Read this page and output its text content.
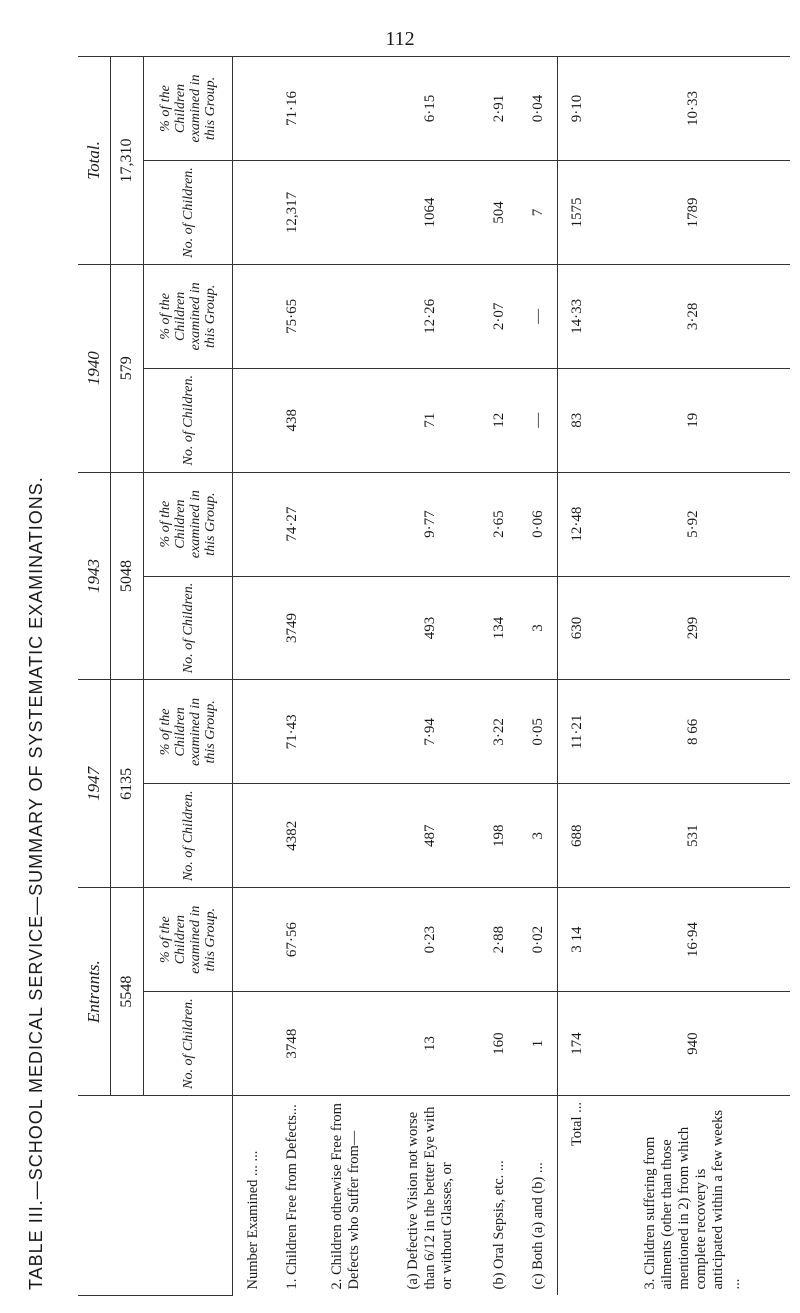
112
TABLE III.—SCHOOL MEDICAL SERVICE—SUMMARY OF SYSTEMATIC EXAMINATIONS.
		Entrants.		1947		1943		1940		Total.	
	5548		6135		5048		579		17,310	
	No. of Children.	% of the Children examined in this Group.	No. of Children.	% of the Children examined in this Group.	No. of Children.	% of the Children examined in this Group.	No. of Children.	% of the Children examined in this Group.	No. of Children.	% of the Children examined in this Group.
Number Examined ... ...										
1. Children Free from Defects...	3748	67·56	4382	71·43	3749	74·27	438	75·65	12,317	71·16
2. Children otherwise Free from Defects who Suffer from—										
(a) Defective Vision not worse than 6/12 in the better Eye with or without Glasses, or	13	0·23	487	7·94	493	9·77	71	12·26	1064	6·15
(b) Oral Sepsis, etc. ...	160	2·88	198	3·22	134	2·65	12	2·07	504	2·91
(c) Both (a) and (b) ...	1	0·02	3	0·05	3	0·06	—	—	7	0·04
Total ...	174	3 14	688	11·21	630	12·48	83	14·33	1575	9·10
3. Children suffering from ailments (other than those mentioned in 2) from which complete recovery is anticipated within a few weeks ...	940	16·94	531	8 66	299	5·92	19	3·28	1789	10·33
